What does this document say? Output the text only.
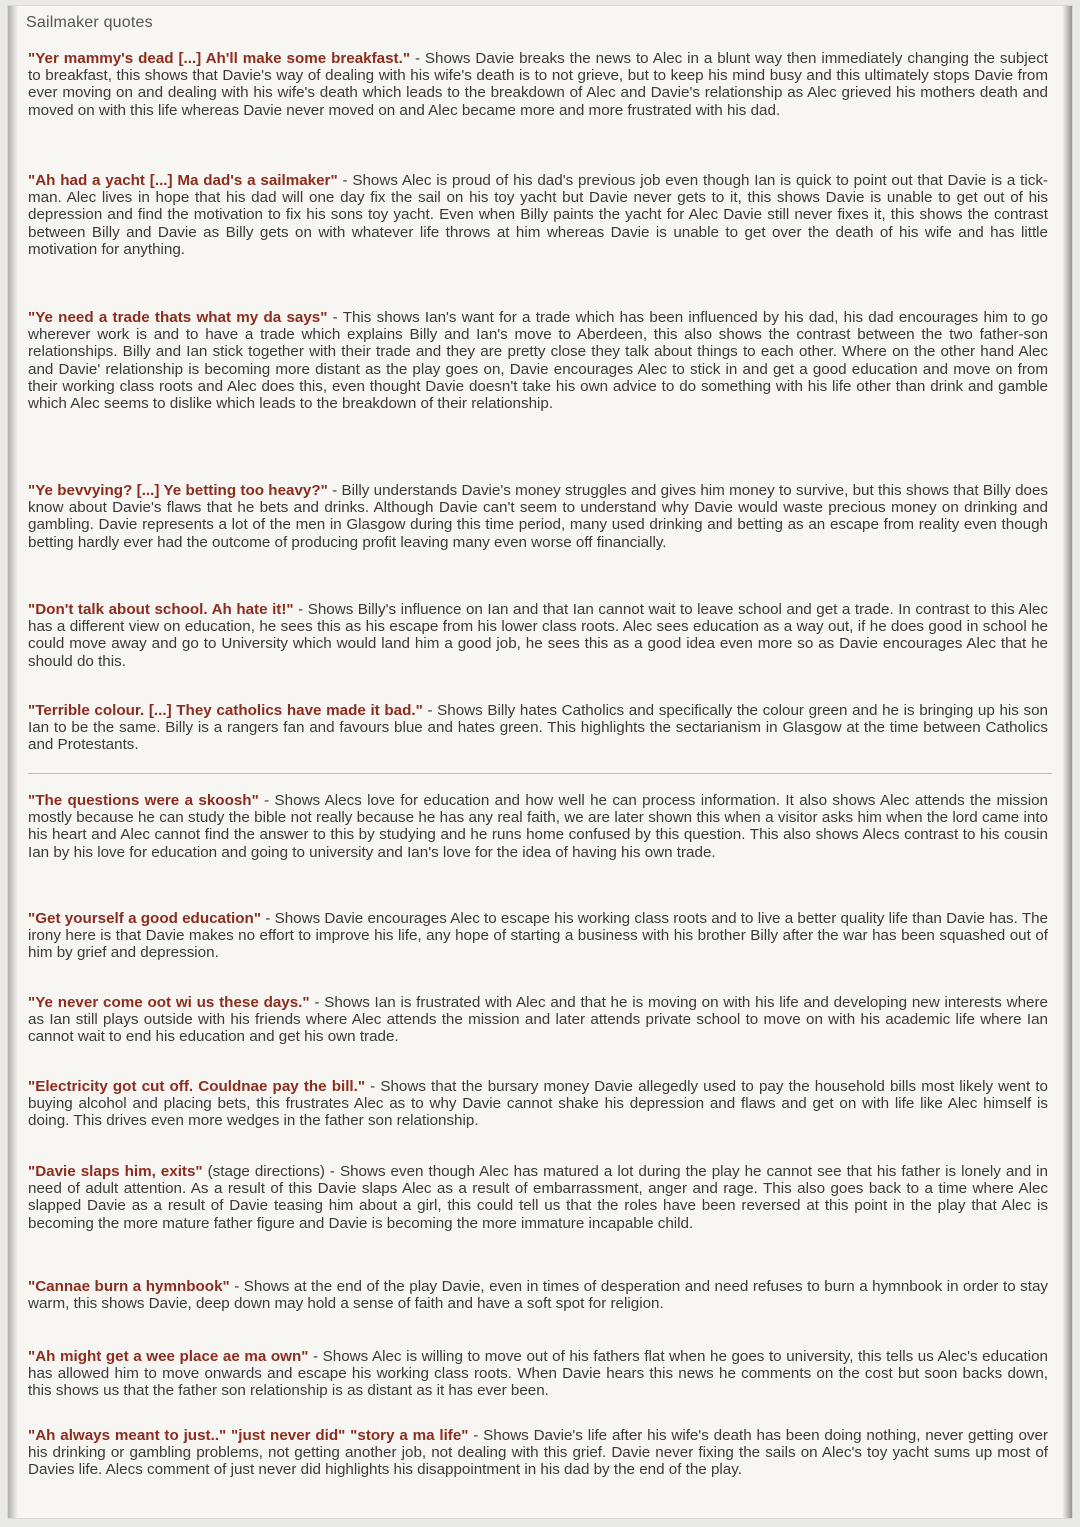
Sailmaker quotes
"Yer mammy's dead [...] Ah'll make some breakfast." - Shows Davie breaks the news to Alec in a blunt way then immediately changing the subject to breakfast, this shows that Davie's way of dealing with his wife's death is to not grieve, but to keep his mind busy and this ultimately stops Davie from ever moving on and dealing with his wife's death which leads to the breakdown of Alec and Davie's relationship as Alec grieved his mothers death and moved on with this life whereas Davie never moved on and Alec became more and more frustrated with his dad.
"Ah had a yacht [...] Ma dad's a sailmaker" - Shows Alec is proud of his dad's previous job even though Ian is quick to point out that Davie is a tick-man. Alec lives in hope that his dad will one day fix the sail on his toy yacht but Davie never gets to it, this shows Davie is unable to get out of his depression and find the motivation to fix his sons toy yacht. Even when Billy paints the yacht for Alec Davie still never fixes it, this shows the contrast between Billy and Davie as Billy gets on with whatever life throws at him whereas Davie is unable to get over the death of his wife and has little motivation for anything.
"Ye need a trade thats what my da says" - This shows Ian's want for a trade which has been influenced by his dad, his dad encourages him to go wherever work is and to have a trade which explains Billy and Ian's move to Aberdeen, this also shows the contrast between the two father-son relationships. Billy and Ian stick together with their trade and they are pretty close they talk about things to each other. Where on the other hand Alec and Davie' relationship is becoming more distant as the play goes on, Davie encourages Alec to stick in and get a good education and move on from their working class roots and Alec does this, even thought Davie doesn't take his own advice to do something with his life other than drink and gamble which Alec seems to dislike which leads to the breakdown of their relationship.
"Ye bevvying? [...] Ye betting too heavy?" - Billy understands Davie's money struggles and gives him money to survive, but this shows that Billy does know about Davie's flaws that he bets and drinks. Although Davie can't seem to understand why Davie would waste precious money on drinking and gambling. Davie represents a lot of the men in Glasgow during this time period, many used drinking and betting as an escape from reality even though betting hardly ever had the outcome of producing profit leaving many even worse off financially.
"Don't talk about school. Ah hate it!" - Shows Billy's influence on Ian and that Ian cannot wait to leave school and get a trade. In contrast to this Alec has a different view on education, he sees this as his escape from his lower class roots. Alec sees education as a way out, if he does good in school he could move away and go to University which would land him a good job, he sees this as a good idea even more so as Davie encourages Alec that he should do this.
"Terrible colour. [...] They catholics have made it bad." - Shows Billy hates Catholics and specifically the colour green and he is bringing up his son Ian to be the same. Billy is a rangers fan and favours blue and hates green. This highlights the sectarianism in Glasgow at the time between Catholics and Protestants.
"The questions were a skoosh" - Shows Alecs love for education and how well he can process information. It also shows Alec attends the mission mostly because he can study the bible not really because he has any real faith, we are later shown this when a visitor asks him when the lord came into his heart and Alec cannot find the answer to this by studying and he runs home confused by this question. This also shows Alecs contrast to his cousin Ian by his love for education and going to university and Ian's love for the idea of having his own trade.
"Get yourself a good education" - Shows Davie encourages Alec to escape his working class roots and to live a better quality life than Davie has. The irony here is that Davie makes no effort to improve his life, any hope of starting a business with his brother Billy after the war has been squashed out of him by grief and depression.
"Ye never come oot wi us these days." - Shows Ian is frustrated with Alec and that he is moving on with his life and developing new interests where as Ian still plays outside with his friends where Alec attends the mission and later attends private school to move on with his academic life where Ian cannot wait to end his education and get his own trade.
"Electricity got cut off. Couldnae pay the bill." - Shows that the bursary money Davie allegedly used to pay the household bills most likely went to buying alcohol and placing bets, this frustrates Alec as to why Davie cannot shake his depression and flaws and get on with life like Alec himself is doing. This drives even more wedges in the father son relationship.
"Davie slaps him, exits" (stage directions) - Shows even though Alec has matured a lot during the play he cannot see that his father is lonely and in need of adult attention. As a result of this Davie slaps Alec as a result of embarrassment, anger and rage. This also goes back to a time where Alec slapped Davie as a result of Davie teasing him about a girl, this could tell us that the roles have been reversed at this point in the play that Alec is becoming the more mature father figure and Davie is becoming the more immature incapable child.
"Cannae burn a hymnbook" - Shows at the end of the play Davie, even in times of desperation and need refuses to burn a hymnbook in order to stay warm, this shows Davie, deep down may hold a sense of faith and have a soft spot for religion.
"Ah might get a wee place ae ma own" - Shows Alec is willing to move out of his fathers flat when he goes to university, this tells us Alec's education has allowed him to move onwards and escape his working class roots. When Davie hears this news he comments on the cost but soon backs down, this shows us that the father son relationship is as distant as it has ever been.
"Ah always meant to just.." "just never did" "story a ma life" - Shows Davie's life after his wife's death has been doing nothing, never getting over his drinking or gambling problems, not getting another job, not dealing with this grief. Davie never fixing the sails on Alec's toy yacht sums up most of Davies life. Alecs comment of just never did highlights his disappointment in his dad by the end of the play.
